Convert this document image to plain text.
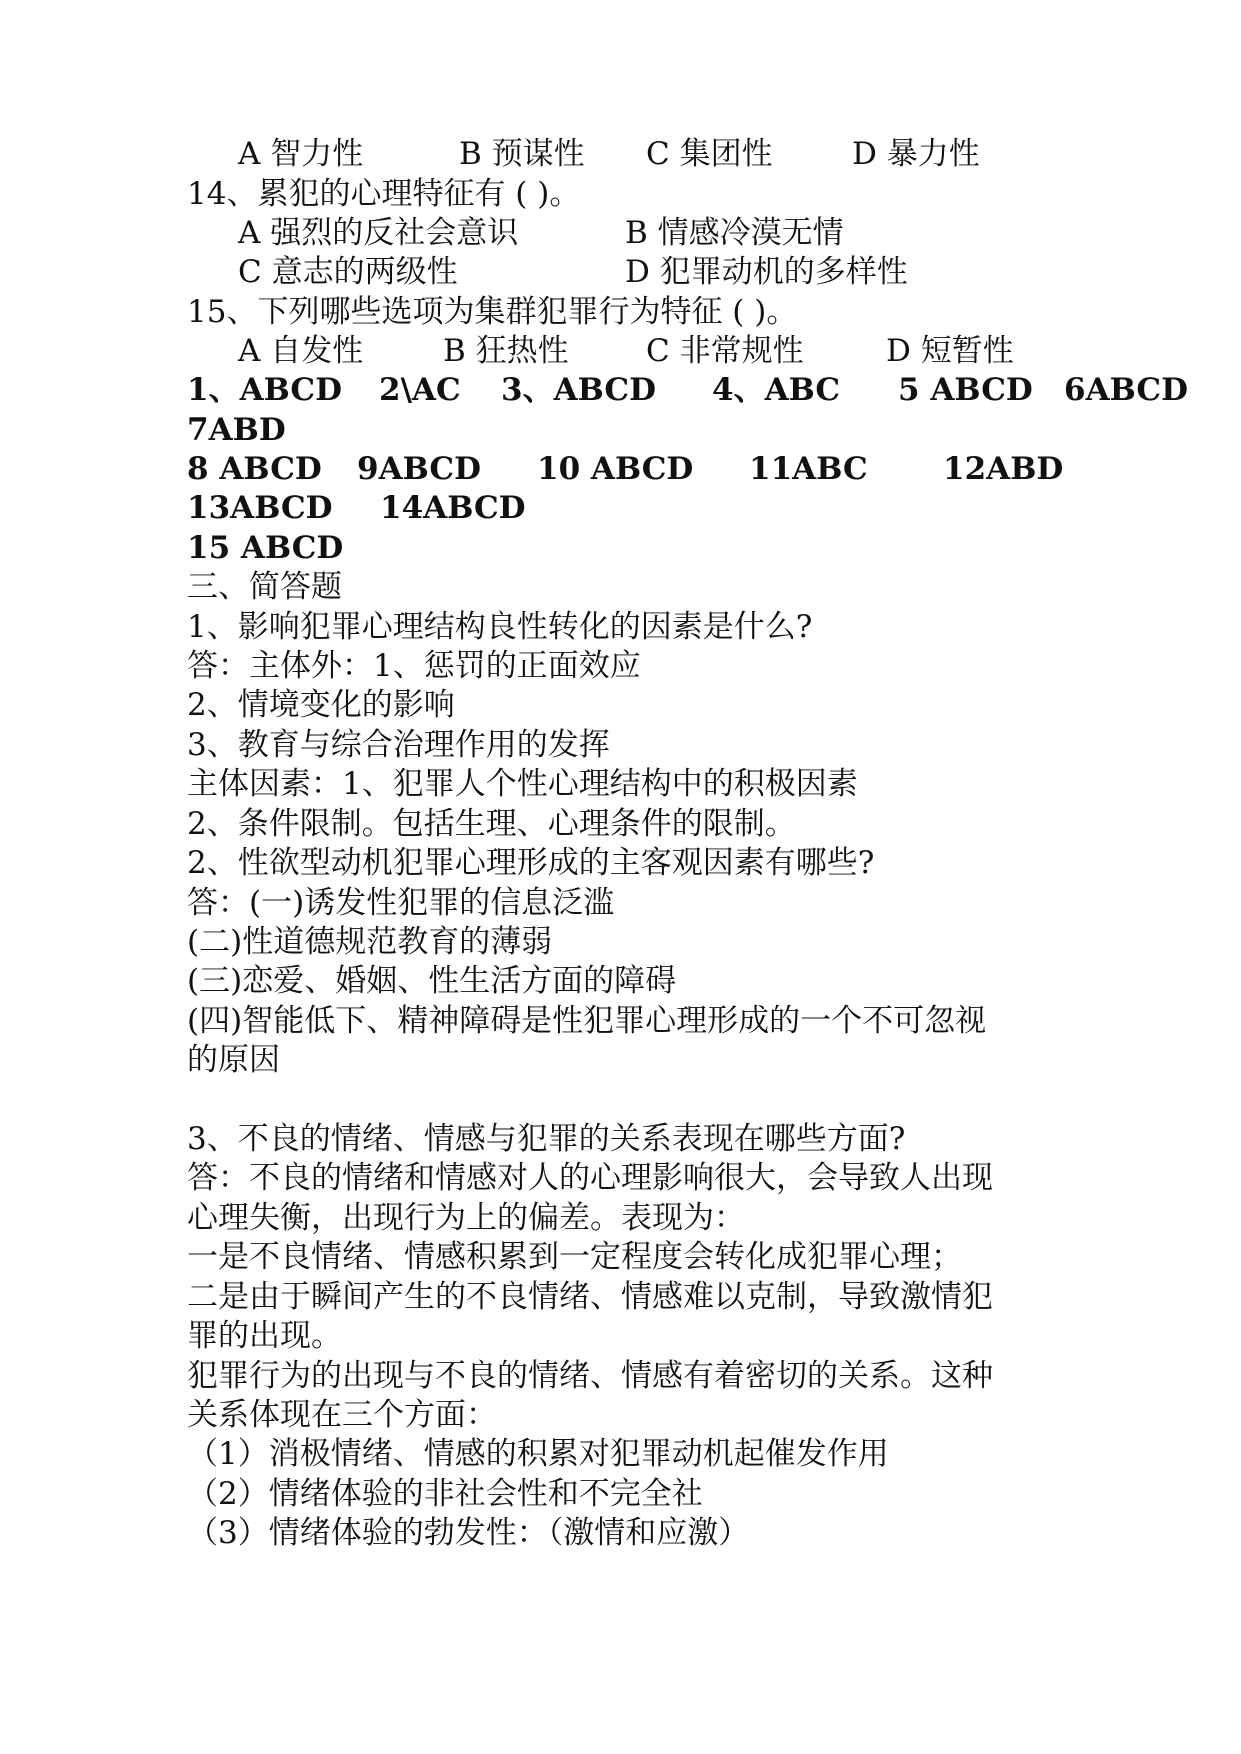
A 智力性	B 预谋性 C 集团性	D 暴力性
14、累犯的心理特征有 ( )。
A 强烈的反社会意识	B 情感冷漠无情
C 意志的两级性	D 犯罪动机的多样性
15、下列哪些选项为集群犯罪行为特征 ( )。
A 自发性	B 狂热性 C 非常规性	D 短暂性
1、ABCD 2\AC 3、ABCD 4、ABC 5 ABCD 6ABCD
7ABD
8 ABCD 9ABCD 10 ABCD 11ABC 12ABD
13ABCD 14ABCD
15 ABCD
三、简答题
1、影响犯罪心理结构良性转化的因素是什么?
答：主体外：1、惩罚的正面效应
2、情境变化的影响
3、教育与综合治理作用的发挥
主体因素：1、犯罪人个性心理结构中的积极因素
2、条件限制。包括生理、心理条件的限制。
2、性欲型动机犯罪心理形成的主客观因素有哪些?
答：(一)诱发性犯罪的信息泛滥
(二)性道德规范教育的薄弱
(三)恋爱、婚姻、性生活方面的障碍
(四)智能低下、精神障碍是性犯罪心理形成的一个不可忽视
的原因
3、不良的情绪、情感与犯罪的关系表现在哪些方面?
答：不良的情绪和情感对人的心理影响很大，会导致人出现
心理失衡，出现行为上的偏差。表现为：
一是不良情绪、情感积累到一定程度会转化成犯罪心理；
二是由于瞬间产生的不良情绪、情感难以克制，导致激情犯
罪的出现。
犯罪行为的出现与不良的情绪、情感有着密切的关系。这种
关系体现在三个方面：
（1）消极情绪、情感的积累对犯罪动机起催发作用
（2）情绪体验的非社会性和不完全社
（3）情绪体验的勃发性：（激情和应激）
